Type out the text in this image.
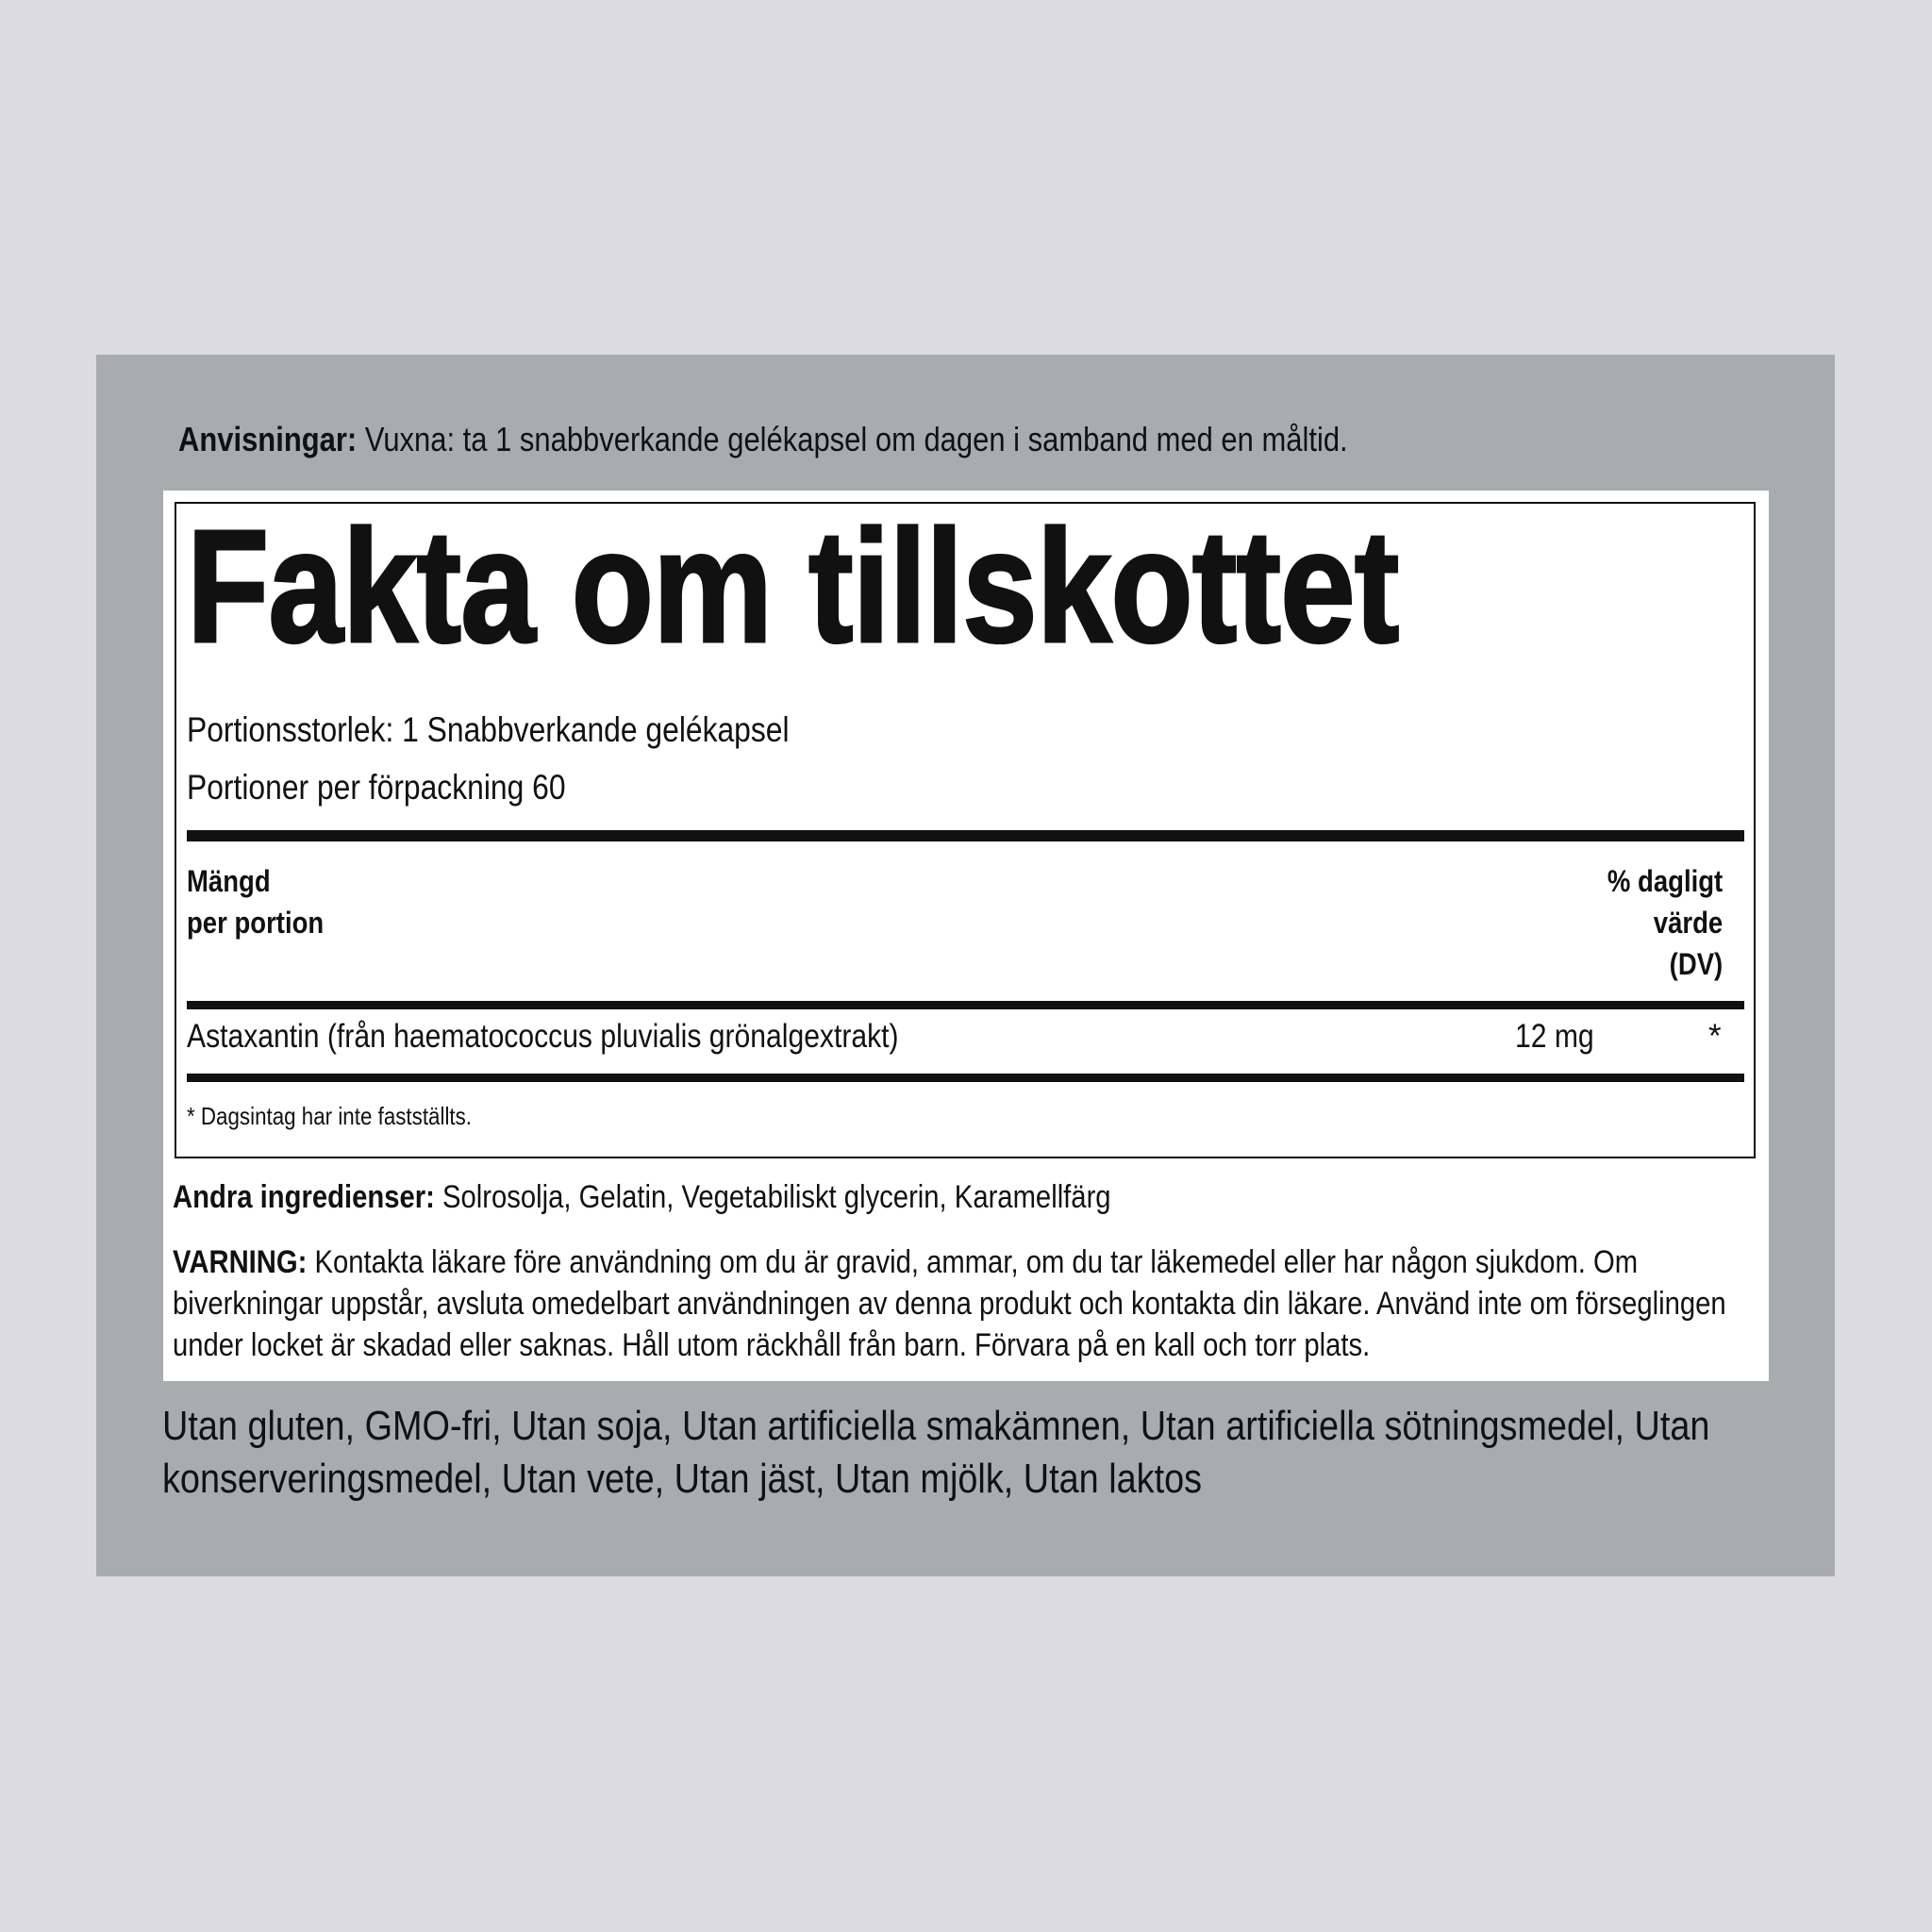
Anvisningar: Vuxna: ta 1 snabbverkande gelékapsel om dagen i samband med en måltid.
Fakta om tillskottet
Portionsstorlek: 1 Snabbverkande gelékapsel
Portioner per förpackning 60
Mängd
per portion
% dagligt
värde
(DV)
Astaxantin (från haematococcus pluvialis grönalgextrakt)	12 mg	*
* Dagsintag har inte fastställts.
Andra ingredienser: Solrosolja, Gelatin, Vegetabiliskt glycerin, Karamellfärg
VARNING: Kontakta läkare före användning om du är gravid, ammar, om du tar läkemedel eller har någon sjukdom. Om biverkningar uppstår, avsluta omedelbart användningen av denna produkt och kontakta din läkare. Använd inte om förseglingen under locket är skadad eller saknas. Håll utom räckhåll från barn. Förvara på en kall och torr plats.
Utan gluten, GMO-fri, Utan soja, Utan artificiella smakämnen, Utan artificiella sötningsmedel, Utan konserveringsmedel, Utan vete, Utan jäst, Utan mjölk, Utan laktos
